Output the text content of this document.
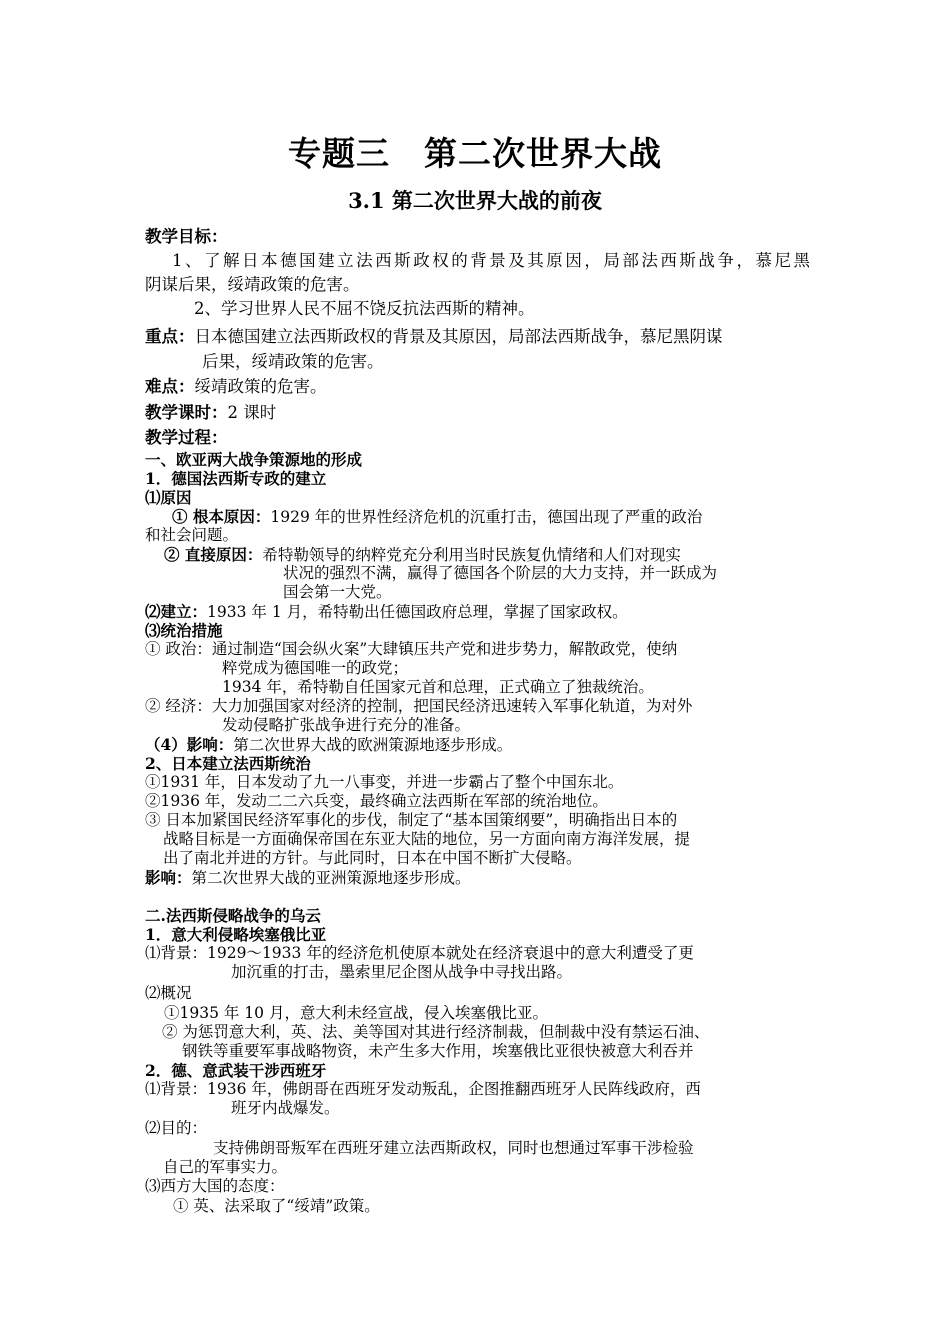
专题三　第二次世界大战
3.1 第二次世界大战的前夜
教学目标：
1、了解日本德国建立法西斯政权的背景及其原因，局部法西斯战争，慕尼黑
阴谋后果，绥靖政策的危害。
2、学习世界人民不屈不饶反抗法西斯的精神。
重点：日本德国建立法西斯政权的背景及其原因，局部法西斯战争，慕尼黑阴谋
后果，绥靖政策的危害。
难点：绥靖政策的危害。
教学课时：2 课时
教学过程：
一、欧亚两大战争策源地的形成
1．德国法西斯专政的建立
⑴原因
① 根本原因：1929 年的世界性经济危机的沉重打击，德国出现了严重的政治
和社会问题。
② 直接原因：希特勒领导的纳粹党充分利用当时民族复仇情绪和人们对现实
状况的强烈不满，赢得了德国各个阶层的大力支持，并一跃成为
国会第一大党。
⑵建立：1933 年 1 月，希特勒出任德国政府总理，掌握了国家政权。
⑶统治措施
① 政治：通过制造“国会纵火案”大肆镇压共产党和进步势力，解散政党，使纳
粹党成为德国唯一的政党；
1934 年，希特勒自任国家元首和总理，正式确立了独裁统治。
② 经济：大力加强国家对经济的控制，把国民经济迅速转入军事化轨道，为对外
发动侵略扩张战争进行充分的准备。
（4）影响：第二次世界大战的欧洲策源地逐步形成。
2、日本建立法西斯统治
①1931 年，日本发动了九一八事变，并进一步霸占了整个中国东北。
②1936 年，发动二二六兵变，最终确立法西斯在军部的统治地位。
③ 日本加紧国民经济军事化的步伐，制定了“基本国策纲要”，明确指出日本的
战略目标是一方面确保帝国在东亚大陆的地位，另一方面向南方海洋发展，提
出了南北并进的方针。与此同时，日本在中国不断扩大侵略。
影响：第二次世界大战的亚洲策源地逐步形成。
二.法西斯侵略战争的乌云
1．意大利侵略埃塞俄比亚
⑴背景：1929～1933 年的经济危机使原本就处在经济衰退中的意大利遭受了更
加沉重的打击，墨索里尼企图从战争中寻找出路。
⑵概况
①1935 年 10 月，意大利未经宣战，侵入埃塞俄比亚。
② 为惩罚意大利，英、法、美等国对其进行经济制裁，但制裁中没有禁运石油、
钢铁等重要军事战略物资，未产生多大作用，埃塞俄比亚很快被意大利吞并
2．德、意武装干涉西班牙
⑴背景：1936 年，佛朗哥在西班牙发动叛乱，企图推翻西班牙人民阵线政府，西
班牙内战爆发。
⑵目的：
支持佛朗哥叛军在西班牙建立法西斯政权，同时也想通过军事干涉检验
自己的军事实力。
⑶西方大国的态度：
① 英、法采取了“绥靖”政策。
